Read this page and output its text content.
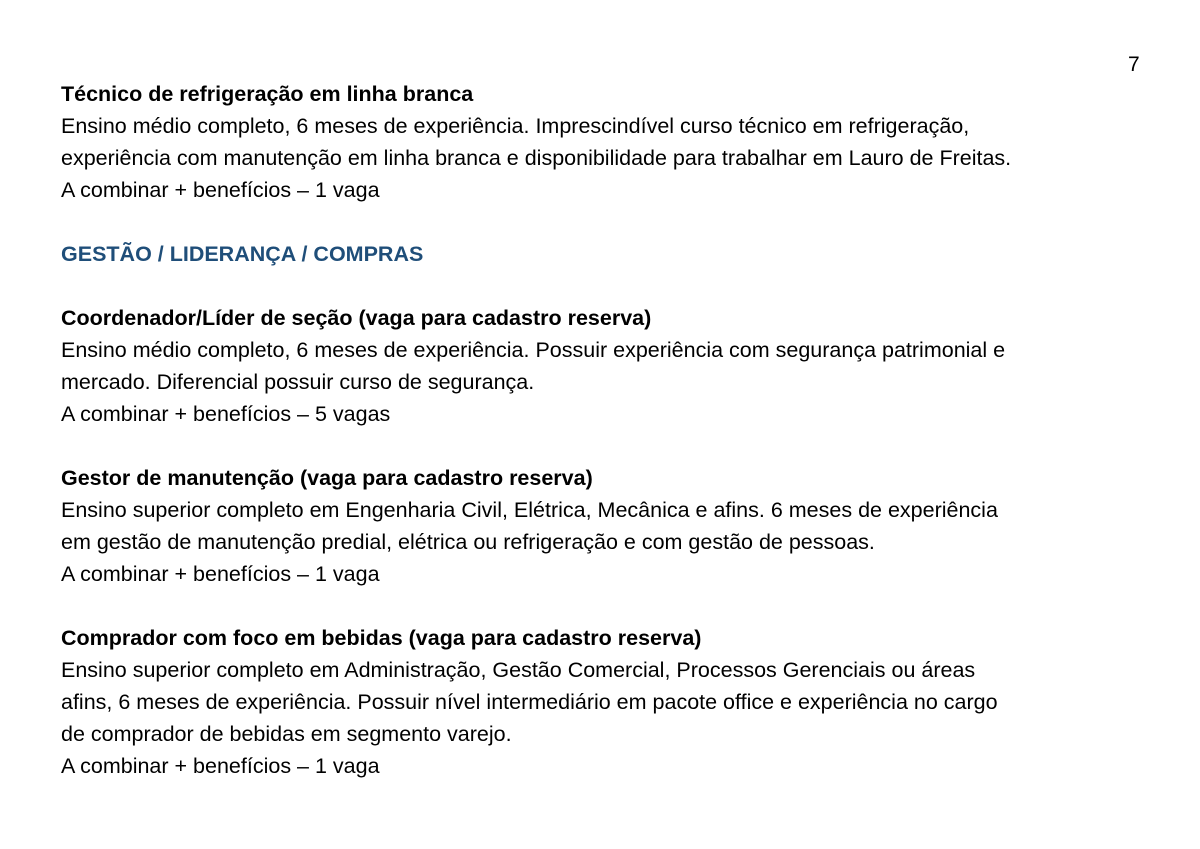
7

Técnico de refrigeração em linha branca

Ensino médio completo, 6 meses de experiência. Imprescindível curso técnico em refrigeração,

experiência com manutenção em linha branca e disponibilidade para trabalhar em Lauro de Freitas.

A combinar + benefícios – 1 vaga

GESTÃO / LIDERANÇA / COMPRAS

Coordenador/Líder de seção (vaga para cadastro reserva)

Ensino médio completo, 6 meses de experiência. Possuir experiência com segurança patrimonial e

mercado. Diferencial possuir curso de segurança.

A combinar + benefícios – 5 vagas

Gestor de manutenção (vaga para cadastro reserva)

Ensino superior completo em Engenharia Civil, Elétrica, Mecânica e afins. 6 meses de experiência

em gestão de manutenção predial, elétrica ou refrigeração e com gestão de pessoas.

A combinar + benefícios – 1 vaga

Comprador com foco em bebidas (vaga para cadastro reserva)

Ensino superior completo em Administração, Gestão Comercial, Processos Gerenciais ou áreas

afins, 6 meses de experiência. Possuir nível intermediário em pacote office e experiência no cargo

de comprador de bebidas em segmento varejo.

A combinar + benefícios – 1 vaga
